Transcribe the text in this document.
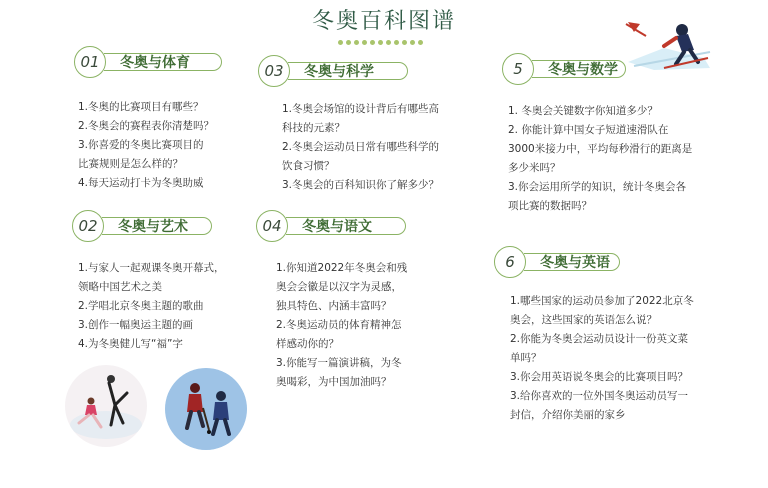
冬奥百科图谱
01	冬奥与体育
1.冬奥的比赛项目有哪些？
2.冬奥会的赛程表你清楚吗？
3.你喜爱的冬奥比赛项目的
比赛规则是怎么样的？
4.每天运动打卡为冬奥助威
02	冬奥与艺术
1.与家人一起观课冬奥开幕式，
领略中国艺术之美
2.学唱北京冬奥主题的歌曲
3.创作一幅奥运主题的画
4.为冬奥健儿写“福”字
03	冬奥与科学
1.冬奥会场馆的设计背后有哪些高
科技的元素？
2.冬奥会运动员日常有哪些科学的
饮食习惯？
3.冬奥会的百科知识你了解多少？
04	冬奥与语文
1.你知道2022年冬奥会和残
奥会会徽是以汉字为灵感，
独具特色、内涵丰富吗？
2.冬奥运动员的体育精神怎
样感动你的？
3.你能写一篇演讲稿，为冬
奥喝彩，为中国加油吗？
5	冬奥与数学
1. 冬奥会关键数字你知道多少？
2. 你能计算中国女子短道速滑队在
3000米接力中，平均每秒滑行的距离是
多少米吗？
3.你会运用所学的知识，统计冬奥会各
项比赛的数据吗？
6	冬奥与英语
1.哪些国家的运动员参加了2022北京冬
奥会，这些国家的英语怎么说？
2.你能为冬奥会运动员设计一份英文菜
单吗？
3.你会用英语说冬奥会的比赛项目吗？
3.给你喜欢的一位外国冬奥运动员写一
封信，介绍你美丽的家乡
